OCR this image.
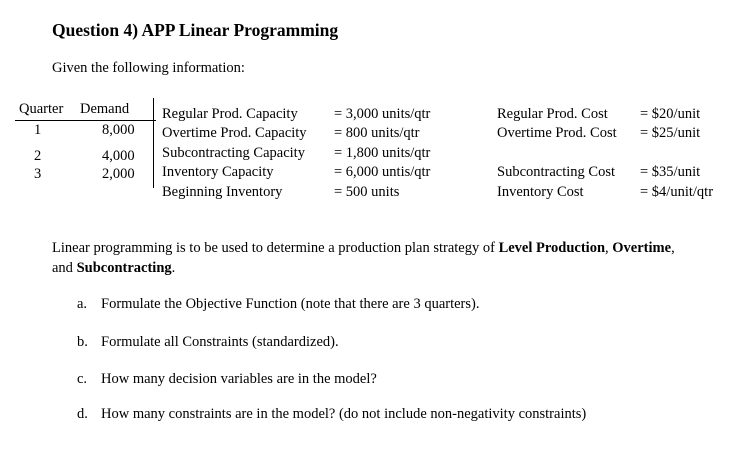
Question 4) APP Linear Programming
Given the following information:
Quarter Demand
1	8,000
2	4,000
3	2,000
Regular Prod. Capacity	= 3,000 units/qtr
Overtime Prod. Capacity = 800 units/qtr
Subcontracting Capacity = 1,800 units/qtr
Inventory Capacity	= 6,000 untis/qtr
Beginning Inventory	= 500 units
Regular Prod. Cost = $20/unit
Overtime Prod. Cost = $25/unit
Subcontracting Cost = $35/unit
Inventory Cost	= $4/unit/qtr
Linear programming is to be used to determine a production plan strategy of Level Production, Overtime, and Subcontracting.
a. Formulate the Objective Function (note that there are 3 quarters).
b. Formulate all Constraints (standardized).
c. How many decision variables are in the model?
d. How many constraints are in the model? (do not include non-negativity constraints)
